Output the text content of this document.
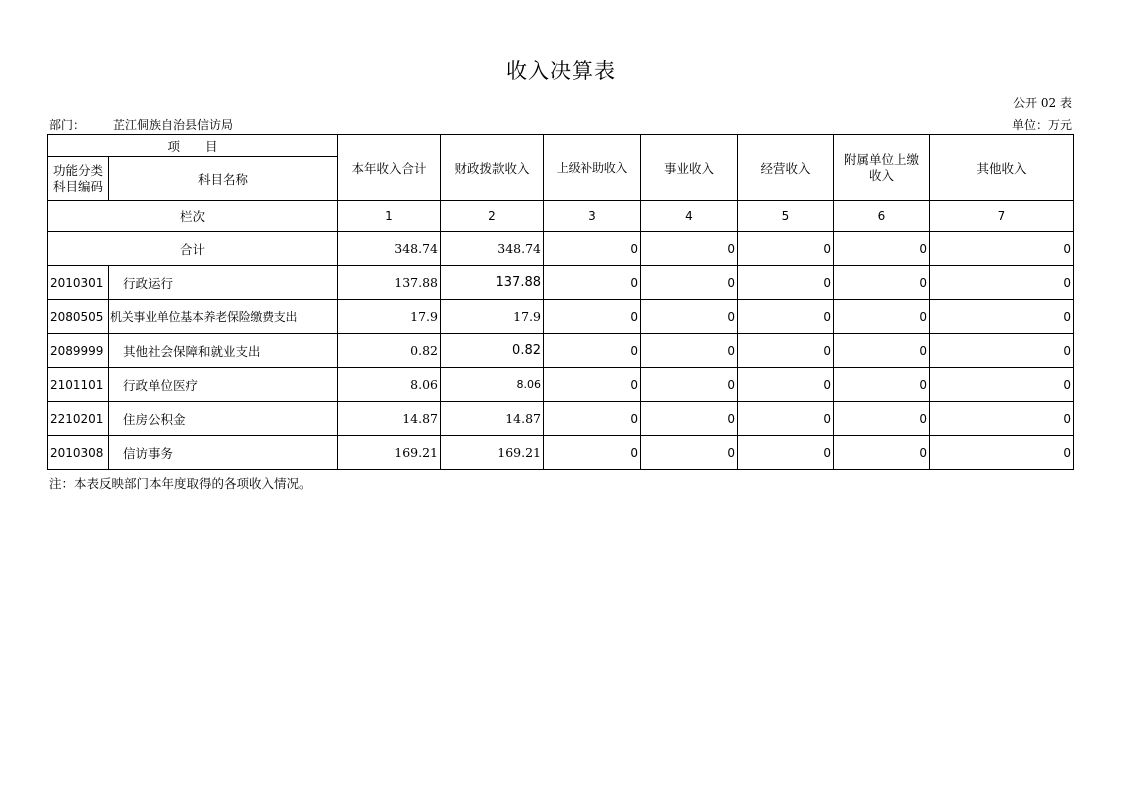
收入决算表
公开 02 表
部门： 芷江侗族自治县信访局	单位：万元
项　　目		本年收入合计	财政拨款收入	上级补助收入	事业收入	经营收入	附属单位上缴收入	其他收入
功能分类科目编码	科目名称							
栏次		1	2	3	4	5	6	7
合计		348.74	348.74	0	0	0	0	0
2010301	行政运行	137.88	137.88	0	0	0	0	0
2080505	机关事业单位基本养老保险缴费支出	17.9	17.9	0	0	0	0	0
2089999	其他社会保障和就业支出	0.82	0.82	0	0	0	0	0
2101101	行政单位医疗	8.06	8.06	0	0	0	0	0
2210201	住房公积金	14.87	14.87	0	0	0	0	0
2010308	信访事务	169.21	169.21	0	0	0	0	0
注：本表反映部门本年度取得的各项收入情况。
